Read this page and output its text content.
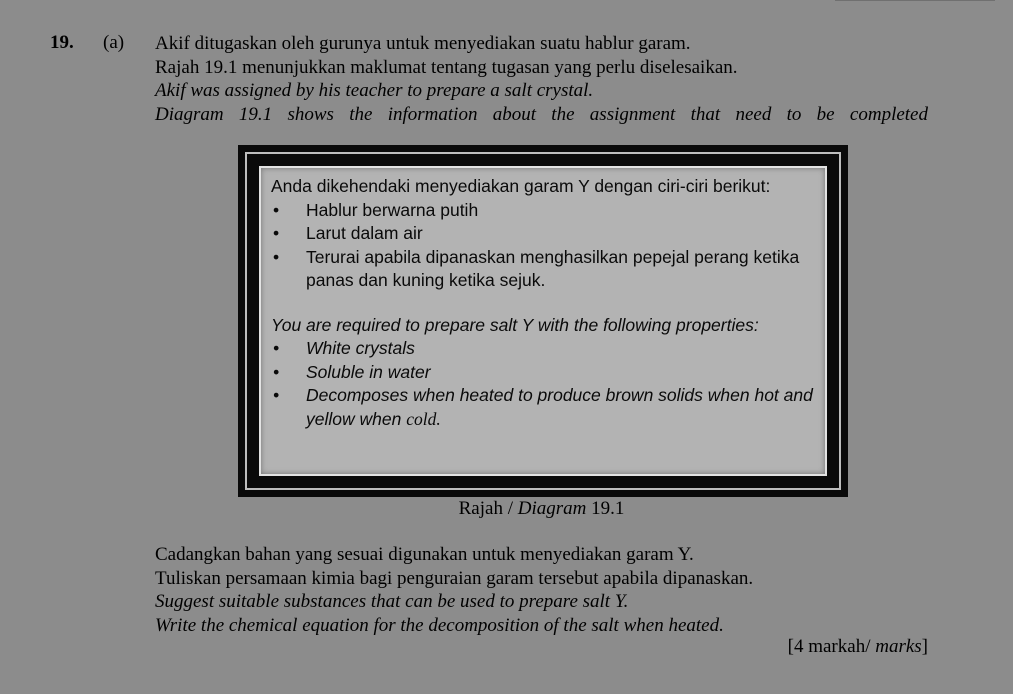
19. (a) Akif ditugaskan oleh gurunya untuk menyediakan suatu hablur garam.
Rajah 19.1 menunjukkan maklumat tentang tugasan yang perlu diselesaikan.
Akif was assigned by his teacher to prepare a salt crystal.
Diagram 19.1 shows the information about the assignment that need to be completed

Anda dikehendaki menyediakan garam Y dengan ciri-ciri berikut:

• Hablur berwarna putih
• Larut dalam air
• Terurai apabila dipanaskan menghasilkan pepejal perang ketika panas dan kuning ketika sejuk.

You are required to prepare salt Y with the following properties:

• White crystals
• Soluble in water
• Decomposes when heated to produce brown solids when hot and yellow when cold.
Rajah / Diagram 19.1
Cadangkan bahan yang sesuai digunakan untuk menyediakan garam Y.
Tuliskan persamaan kimia bagi penguraian garam tersebut apabila dipanaskan.
Suggest suitable substances that can be used to prepare salt Y.
Write the chemical equation for the decomposition of the salt when heated.
[4 markah/ marks]
